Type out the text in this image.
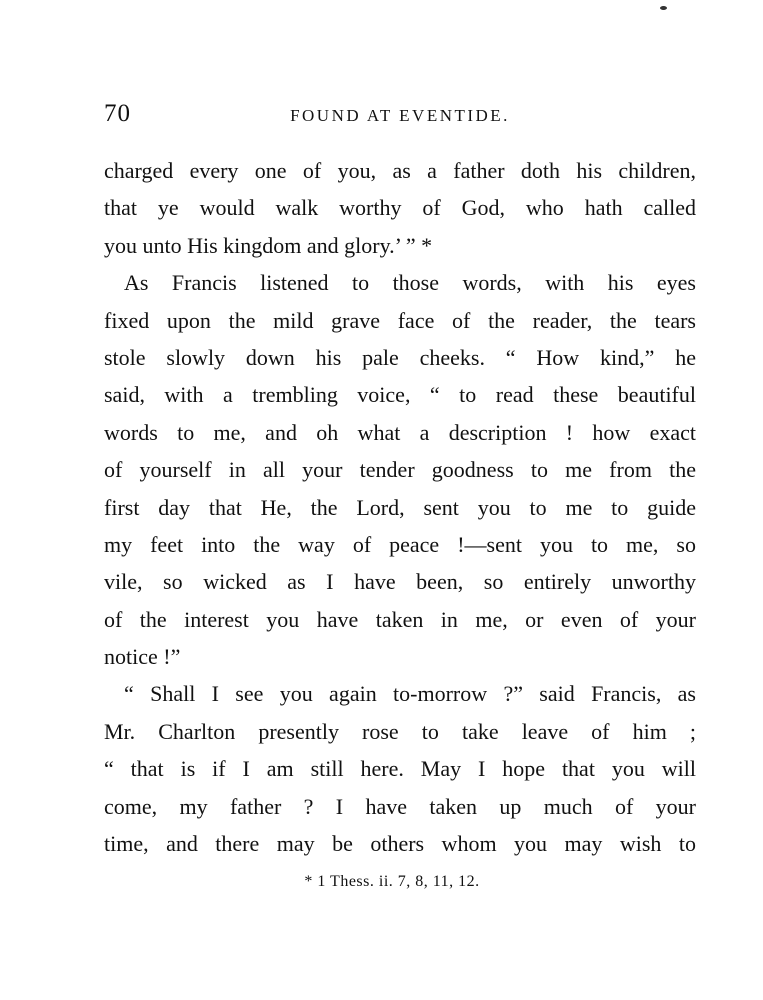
70	FOUND AT EVENTIDE.
charged every one of you, as a father doth his children,
that ye would walk worthy of God, who hath called
you unto His kingdom and glory.’ ” *
As Francis listened to those words, with his eyes
fixed upon the mild grave face of the reader, the tears
stole slowly down his pale cheeks. “ How kind,” he
said, with a trembling voice, “ to read these beautiful
words to me, and oh what a description ! how exact
of yourself in all your tender goodness to me from the
first day that He, the Lord, sent you to me to guide
my feet into the way of peace !—sent you to me, so
vile, so wicked as I have been, so entirely unworthy
of the interest you have taken in me, or even of your
notice !”
“ Shall I see you again to-morrow ?” said Francis, as
Mr. Charlton presently rose to take leave of him ;
“ that is if I am still here. May I hope that you will
come, my father ? I have taken up much of your
time, and there may be others whom you may wish to
* 1 Thess. ii. 7, 8, 11, 12.
